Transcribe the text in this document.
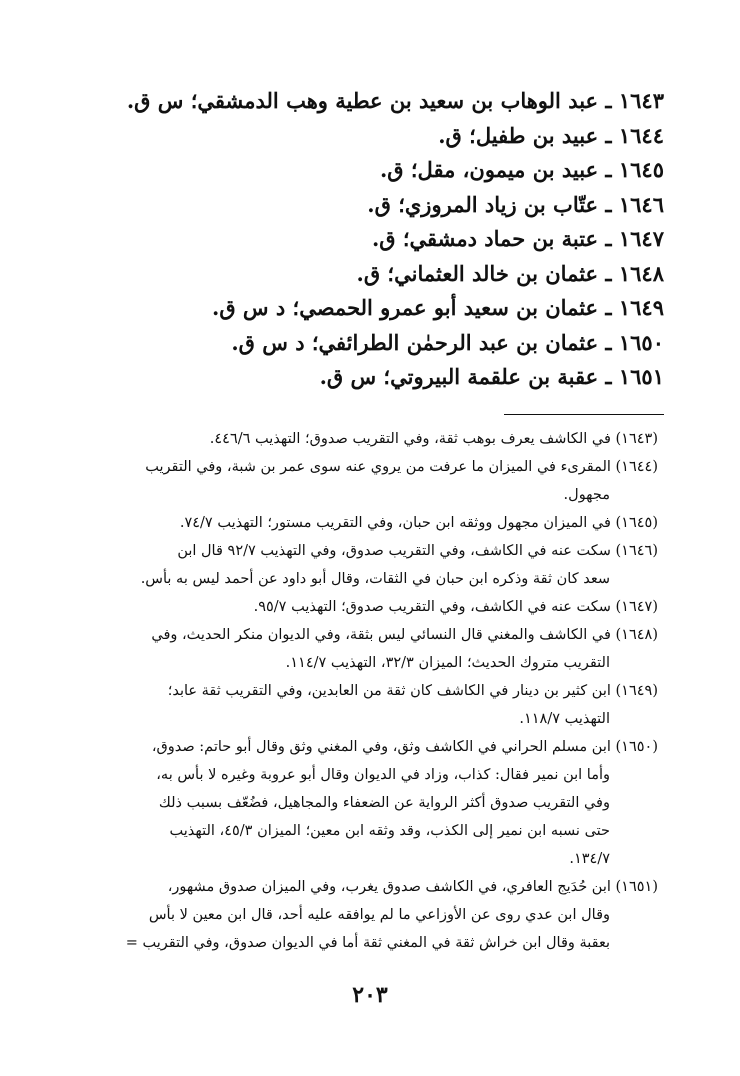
١٦٤٣ ـ عبد الوهاب بن سعيد بن عطية وهب الدمشقي؛ س ق.
١٦٤٤ ـ عبيد بن طفيل؛ ق.
١٦٤٥ ـ عبيد بن ميمون، مقل؛ ق.
١٦٤٦ ـ عتّاب بن زياد المروزي؛ ق.
١٦٤٧ ـ عتبة بن حماد دمشقي؛ ق.
١٦٤٨ ـ عثمان بن خالد العثماني؛ ق.
١٦٤٩ ـ عثمان بن سعيد أبو عمرو الحمصي؛ د س ق.
١٦٥٠ ـ عثمان بن عبد الرحمٰن الطرائفي؛ د س ق.
١٦٥١ ـ عقبة بن علقمة البيروتي؛ س ق.
(١٦٤٣) في الكاشف يعرف بوهب ثقة، وفي التقريب صدوق؛ التهذيب ٤٤٦/٦.
(١٦٤٤) المقرىء في الميزان ما عرفت من يروي عنه سوى عمر بن شبة، وفي التقريب
مجهول.
(١٦٤٥) في الميزان مجهول ووثقه ابن حبان، وفي التقريب مستور؛ التهذيب ٧٤/٧.
(١٦٤٦) سكت عنه في الكاشف، وفي التقريب صدوق، وفي التهذيب ٩٢/٧ قال ابن
سعد كان ثقة وذكره ابن حبان في الثقات، وقال أبو داود عن أحمد ليس به بأس.
(١٦٤٧) سكت عنه في الكاشف، وفي التقريب صدوق؛ التهذيب ٩٥/٧.
(١٦٤٨) في الكاشف والمغني قال النسائي ليس بثقة، وفي الديوان منكر الحديث، وفي
التقريب متروك الحديث؛ الميزان ٣٢/٣، التهذيب ١١٤/٧.
(١٦٤٩) ابن كثير بن دينار في الكاشف كان ثقة من العابدين، وفي التقريب ثقة عابد؛
التهذيب ١١٨/٧.
(١٦٥٠) ابن مسلم الحراني في الكاشف وثق، وفي المغني وثق وقال أبو حاتم: صدوق،
وأما ابن نمير فقال: كذاب، وزاد في الديوان وقال أبو عروبة وغيره لا بأس به،
وفي التقريب صدوق أكثر الرواية عن الضعفاء والمجاهيل، فضُعّف بسبب ذلك
حتى نسبه ابن نمير إلى الكذب، وقد وثقه ابن معين؛ الميزان ٤٥/٣، التهذيب
١٣٤/٧.
(١٦٥١) ابن حُدَيج العافري، في الكاشف صدوق يغرب، وفي الميزان صدوق مشهور،
وقال ابن عدي روى عن الأوزاعي ما لم يوافقه عليه أحد، قال ابن معين لا بأس
بعقبة وقال ابن خراش ثقة في المغني ثقة أما في الديوان صدوق، وفي التقريب =
٢٠٣
